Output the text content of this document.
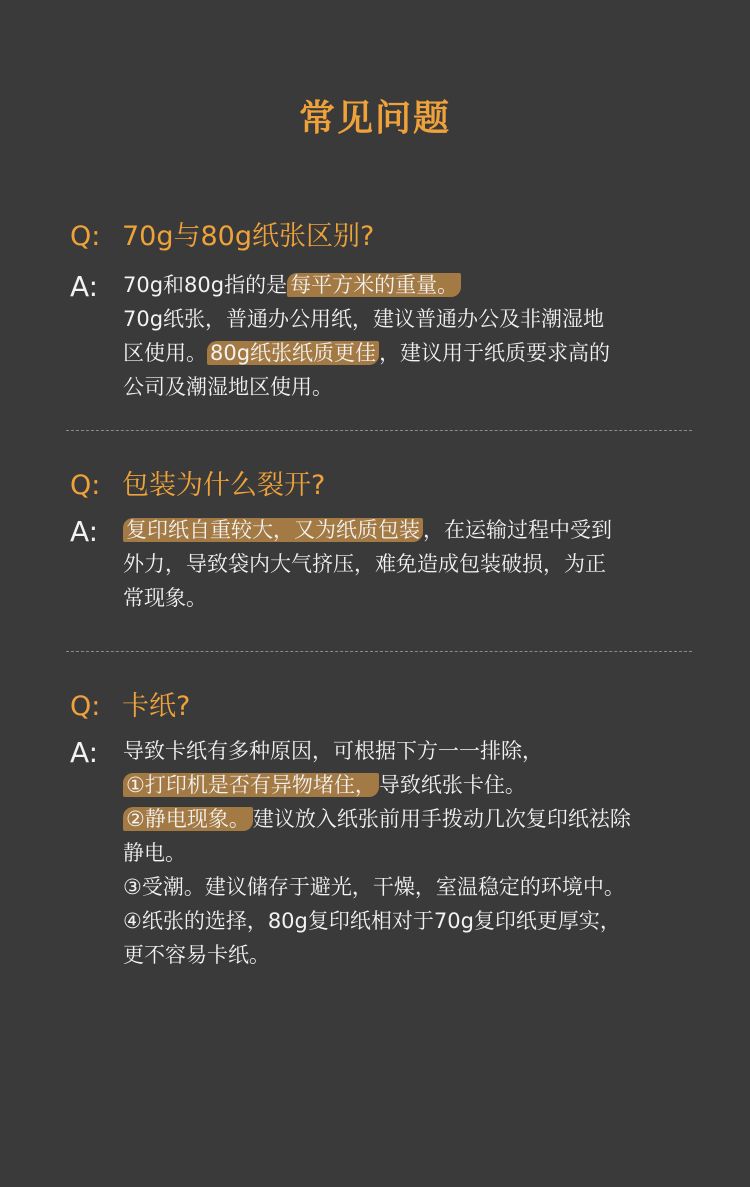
常见问题
Q: 70g与80g纸张区别?
A: 70g和80g指的是 每平方米的重量。
70g纸张，普通办公用纸，建议普通办公及非潮湿地
区使用。 80g纸张纸质更佳 ，建议用于纸质要求高的
公司及潮湿地区使用。
Q: 包装为什么裂开?
A: 复印纸自重较大，又为纸质包装 ，在运输过程中受到
外力，导致袋内大气挤压，难免造成包装破损，为正
常现象。
Q: 卡纸?
A: 导致卡纸有多种原因，可根据下方一一排除，
①打印机是否有异物堵住， 导致纸张卡住。
②静电现象。 建议放入纸张前用手拨动几次复印纸祛除
静电。
③受潮。建议储存于避光，干燥，室温稳定的环境中。
④纸张的选择，80g复印纸相对于70g复印纸更厚实，
更不容易卡纸。
